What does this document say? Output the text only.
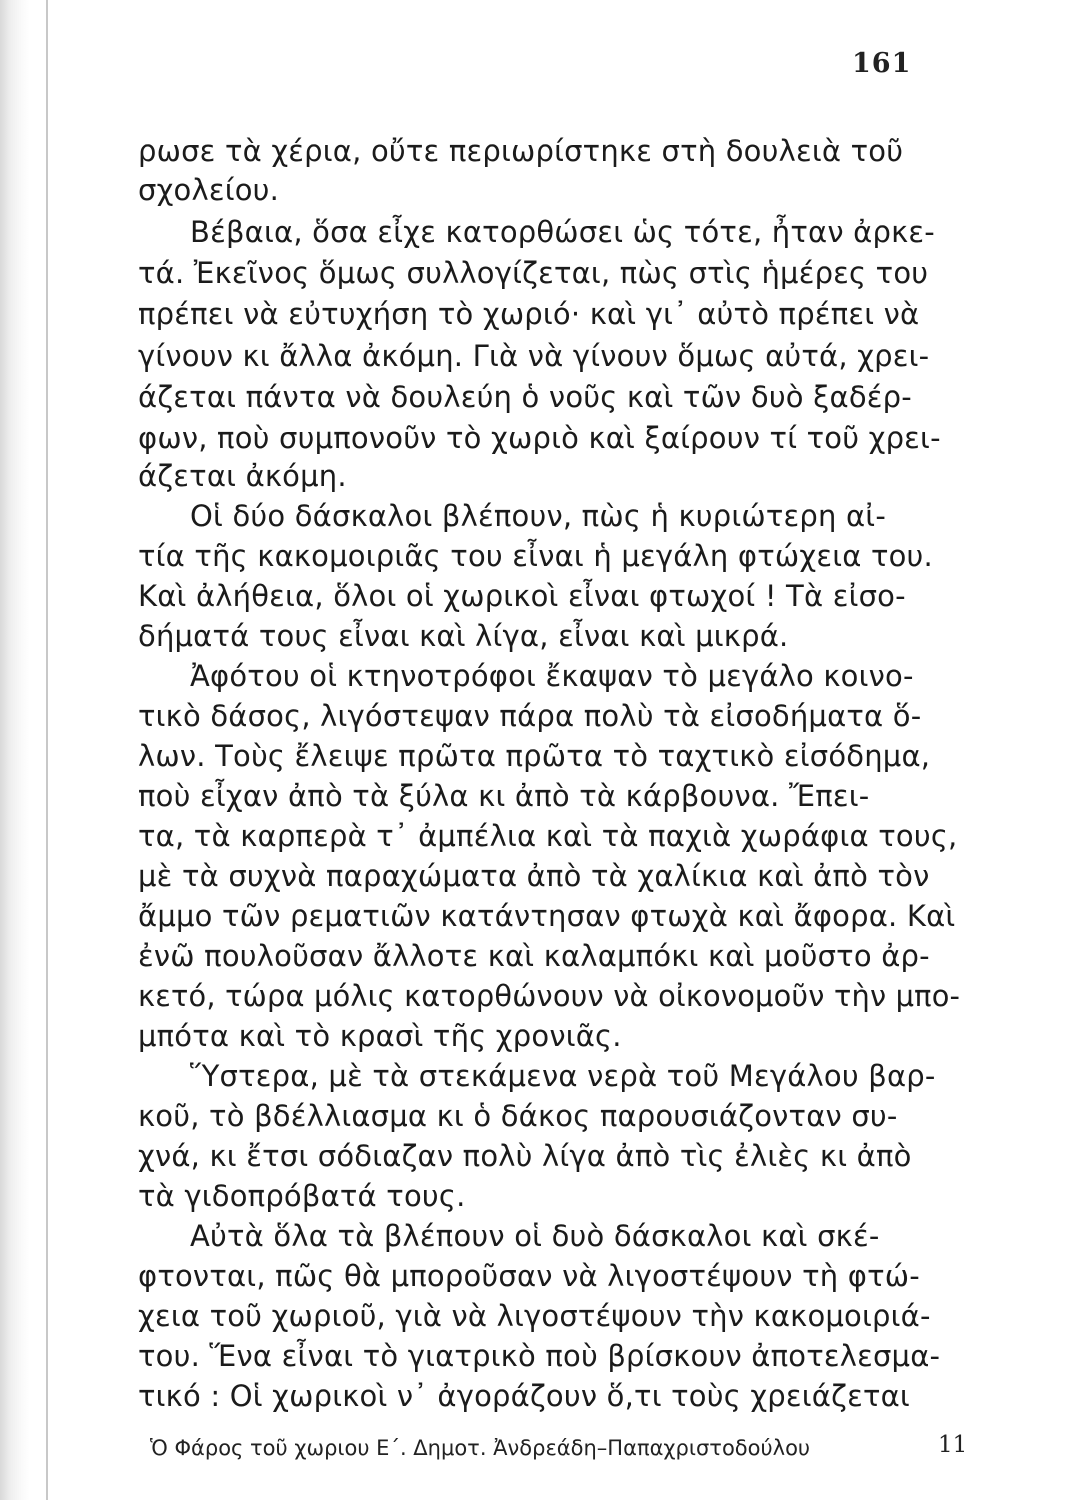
161
ρωσε τὰ χέρια, οὔτε περιωρίστηκε στὴ δουλειὰ τοῦ
σχολείου.
Βέβαια, ὅσα εἶχε κατορθώσει ὡς τότε, ἦταν ἀρκε-
τά. Ἐκεῖνος ὅμως συλλογίζεται, πὼς στὶς ἡμέρες του
πρέπει νὰ εὐτυχήση τὸ χωριό· καὶ γι᾿ αὐτὸ πρέπει νὰ
γίνουν κι ἄλλα ἀκόμη. Γιὰ νὰ γίνουν ὅμως αὐτά, χρει-
άζεται πάντα νὰ δουλεύη ὁ νοῦς καὶ τῶν δυὸ ξαδέρ-
φων, ποὺ συμπονοῦν τὸ χωριὸ καὶ ξαίρουν τί τοῦ χρει-
άζεται ἀκόμη.
Οἱ δύο δάσκαλοι βλέπουν, πὼς ἡ κυριώτερη αἰ-
τία τῆς κακομοιριᾶς του εἶναι ἡ μεγάλη φτώχεια του.
Καὶ ἀλήθεια, ὅλοι οἱ χωρικοὶ εἶναι φτωχοί ! Τὰ εἰσο-
δήματά τους εἶναι καὶ λίγα, εἶναι καὶ μικρά.
Ἀφότου οἱ κτηνοτρόφοι ἔκαψαν τὸ μεγάλο κοινο-
τικὸ δάσος, λιγόστεψαν πάρα πολὺ τὰ εἰσοδήματα ὅ-
λων. Τοὺς ἔλειψε πρῶτα πρῶτα τὸ ταχτικὸ εἰσόδημα,
ποὺ εἶχαν ἀπὸ τὰ ξύλα κι ἀπὸ τὰ κάρβουνα. Ἔπει-
τα, τὰ καρπερὰ τ᾿ ἀμπέλια καὶ τὰ παχιὰ χωράφια τους,
μὲ τὰ συχνὰ παραχώματα ἀπὸ τὰ χαλίκια καὶ ἀπὸ τὸν
ἄμμο τῶν ρεματιῶν κατάντησαν φτωχὰ καὶ ἄφορα. Καὶ
ἐνῶ πουλοῦσαν ἄλλοτε καὶ καλαμπόκι καὶ μοῦστο ἀρ-
κετό, τώρα μόλις κατορθώνουν νὰ οἰκονομοῦν τὴν μπο-
μπότα καὶ τὸ κρασὶ τῆς χρονιᾶς.
Ὕστερα, μὲ τὰ στεκάμενα νερὰ τοῦ Μεγάλου βαρ-
κοῦ, τὸ βδέλλιασμα κι ὁ δάκος παρουσιάζονταν συ-
χνά, κι ἔτσι σόδιαζαν πολὺ λίγα ἀπὸ τὶς ἐλιὲς κι ἀπὸ
τὰ γιδοπρόβατά τους.
Αὐτὰ ὅλα τὰ βλέπουν οἱ δυὸ δάσκαλοι καὶ σκέ-
φτονται, πῶς θὰ μποροῦσαν νὰ λιγοστέψουν τὴ φτώ-
χεια τοῦ χωριοῦ, γιὰ νὰ λιγοστέψουν τὴν κακομοιριά-
του. Ἕνα εἶναι τὸ γιατρικὸ ποὺ βρίσκουν ἀποτελεσμα-
τικό : Οἱ χωρικοὶ ν᾿ ἀγοράζουν ὅ,τι τοὺς χρειάζεται
Ὁ Φάρος τοῦ χωριου Ε΄. Δημοτ. Ἀνδρεάδη–Παπαχριστοδούλου	11
